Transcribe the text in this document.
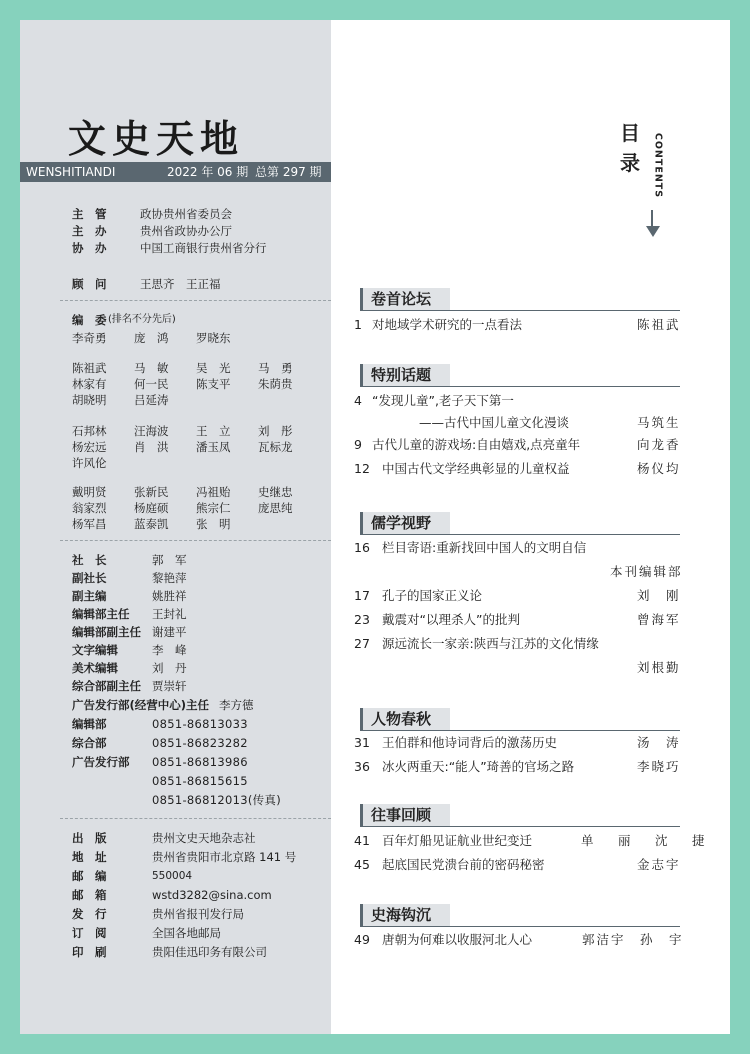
文史天地
WENSHITIANDI	2022 年 06 期 总第 297 期
主　管	政协贵州省委员会
主　办	贵州省政协办公厅
协　办	中国工商银行贵州省分行
顾　问	王思齐　王正福
编　委 (排名不分先后)
李奇勇	庞　鸿	罗晓东
陈祖武	马　敏	吴　光	马　勇
林家有	何一民	陈支平	朱荫贵
胡晓明	吕延涛
石邦林	汪海波	王　立	刘　彤
杨宏远	肖　洪	潘玉凤	瓦标龙
许风伦
戴明贤	张新民	冯祖贻	史继忠
翁家烈	杨庭硕	熊宗仁	庞思纯
杨军昌	蓝泰凯	张　明
社　长	郭　军
副社长	黎艳萍
副主编	姚胜祥
编辑部主任 王封礼
编辑部副主任 谢建平
文字编辑	李　峰
美术编辑	刘　丹
综合部副主任 贾崇轩
广告发行部(经营中心)主任 李方德
编辑部	0851-86813033
综合部	0851-86823282
广告发行部 0851-86813986
0851-86815615
0851-86812013(传真)
出　版	贵州文史天地杂志社
地　址	贵州省贵阳市北京路 141 号
邮　编	550004
邮　箱	wstd3282@sina.com
发　行	贵州省报刊发行局
订　阅	全国各地邮局
印　刷	贵阳佳迅印务有限公司
目
录 CONTENTS
卷首论坛
1 对地域学术研究的一点看法	陈祖武
特别话题
4 “发现儿童”,老子天下第一
——古代中国儿童文化漫谈	马筑生
9 古代儿童的游戏场:自由嬉戏,点亮童年	向龙香
12 中国古代文学经典彰显的儿童权益	杨仪均
儒学视野
16 栏目寄语:重新找回中国人的文明自信
本刊编辑部
17 孔子的国家正义论	刘　刚
23 戴震对“以理杀人”的批判	曾海军
27 源远流长一家亲:陕西与江苏的文化情缘
刘根勤
人物春秋
31 王伯群和他诗词背后的激荡历史	汤　涛
36 冰火两重天:“能人”琦善的官场之路	李晓巧
往事回顾
41 百年灯船见证航业世纪变迁	单　丽　沈　捷
45 起底国民党溃台前的密码秘密	金志宇
史海钩沉
49 唐朝为何难以收服河北人心	郭洁宇　孙　宇
